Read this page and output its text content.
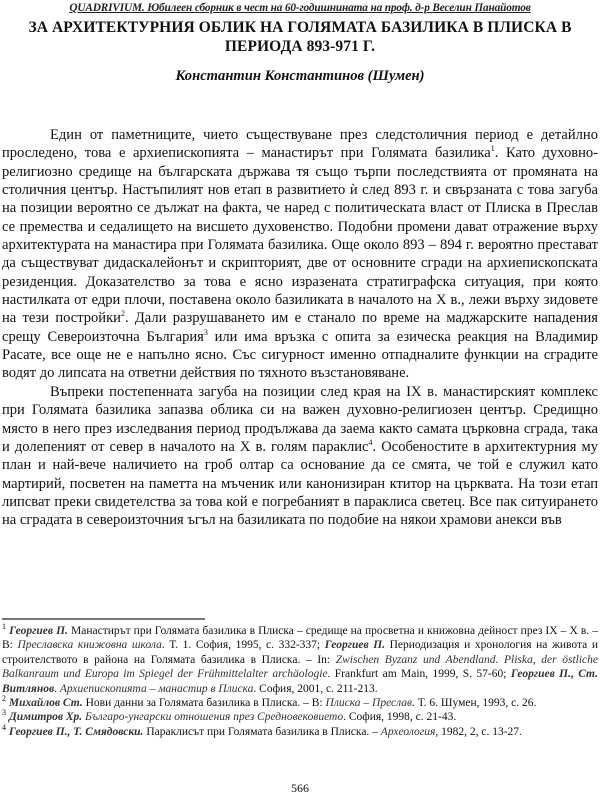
QUADRIVIUM. Юбилеен сборник в чест на 60-годишнината на проф. д-р Веселин Панайотов
ЗА АРХИТЕКТУРНИЯ ОБЛИК НА ГОЛЯМАТА БАЗИЛИКА В ПЛИСКА В ПЕРИОДА 893-971 Г.
Константин Константинов (Шумен)

Един от паметниците, чието съществуване през следстоличния период е детайлно проследено, това е архиепископията – манастирът при Голямата базилика$^1$. Като духовно-религиозно средище на българската държава тя също търпи последствията от промяната на столичния център. Настъпилият нов етап в развитието ѝ след 893 г. и свързаната с това загуба на позиции вероятно се дължат на факта, че наред с политическата власт от Плиска в Преслав се премества и седалището на висшето духовенство. Подобни промени дават отражение върху архитектурата на манастира при Голямата базилика. Още около 893 – 894 г. вероятно престават да съществуват дидаскалейонът и скрипторият, две от основните сгради на архиепископската резиденция. Доказателство за това е ясно изразената стратиграфска ситуация, при която настилката от едри плочи, поставена около базиликата в началото на Х в., лежи върху зидовете на тези постройки$^2$. Дали разрушаването им е станало по време на маджарските нападения срещу Североизточна България$^3$ или има връзка с опита за езическа реакция на Владимир Расате, все още не е напълно ясно. Със сигурност именно отпадналите функции на сградите водят до липсата на ответни действия по тяхното възстановяване.

Въпреки постепенната загуба на позиции след края на IX в. манастирският комплекс при Голямата базилика запазва облика си на важен духовно-религиозен център. Средищно място в него през изследвания период продължава да заема както самата църковна сграда, така и долепеният от север в началото на Х в. голям параклис$^4$. Особеностите в архитектурния му план и най-вече наличието на гроб олтар са основание да се смята, че той е служил като мартирий, посветен на паметта на мъченик или канонизиран ктитор на църквата. На този етап липсват преки свидетелства за това кой е погребаният в параклиса светец. Все пак ситуирането на сградата в североизточния ъгъл на базиликата по подобие на някои храмови анекси във

$^1$ Георгиев П. Манастирът при Голямата базилика в Плиска – средище на просветна и книжовна дейност през IX – X в. – В: Преславска книжовна школа. Т. 1. София, 1995, с. 332-337; Георгиев П. Периодизация и хронология на живота и строителството в района на Голямата базилика в Плиска. – In: Zwischen Byzanz und Abendland. Pliska, der östliche Balkanraum und Europa im Spiegel der Frühmittelalter archäologie. Frankfurt am Main, 1999, S. 57-60; Георгиев П., Ст. Витлянов. Архиепископията – манастир в Плиска. София, 2001, с. 211-213.

$^2$ Михайлов Ст. Нови данни за Голямата базилика в Плиска. – В: Плиска – Преслав. Т. 6. Шумен, 1993, с. 26.

$^3$ Димитров Хр. Българо-унгарски отношения през Средновековието. София, 1998, с. 21-43.

$^4$ Георгиев П., Т. Смядовски. Параклисът при Голямата базилика в Плиска. – Археология, 1982, 2, с. 13-27.

566
